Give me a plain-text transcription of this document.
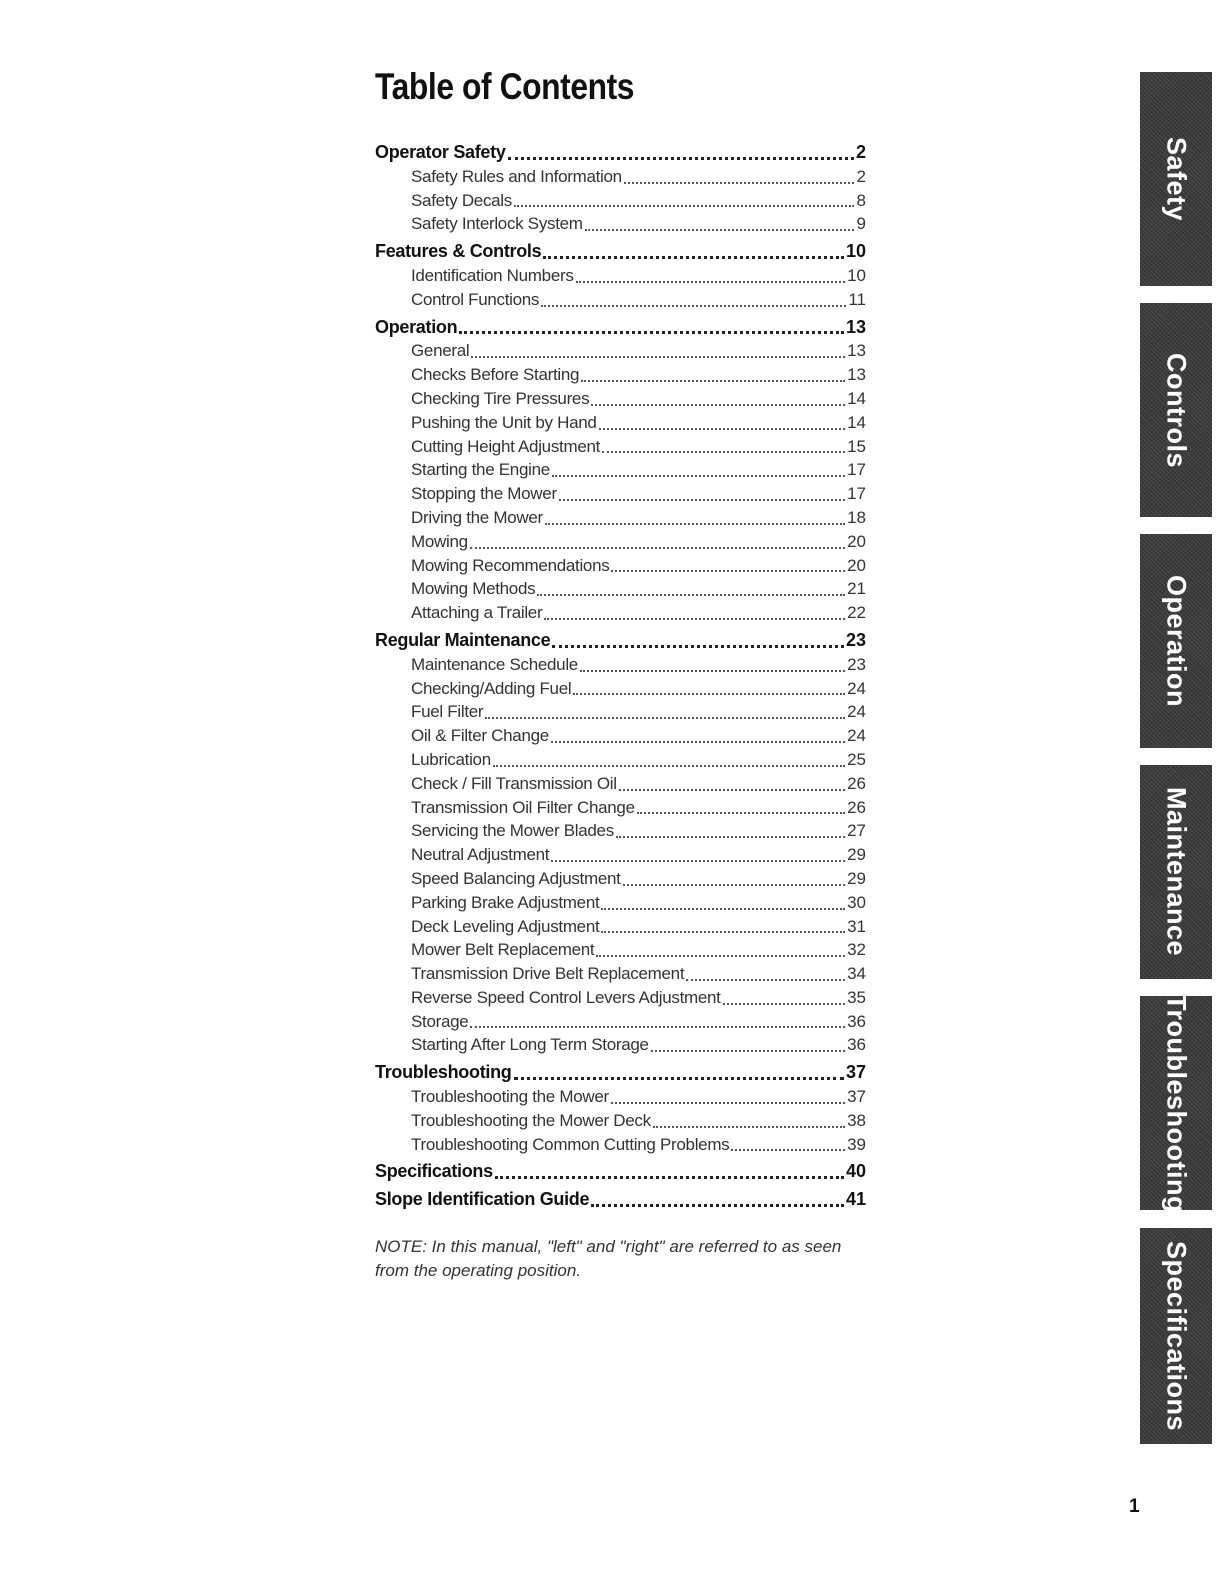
Table of Contents
Operator Safety	2
Safety Rules and Information	2
Safety Decals	8
Safety Interlock System	9
Features & Controls	10
Identification Numbers	10
Control Functions	11
Operation	13
General	13
Checks Before Starting	13
Checking Tire Pressures	14
Pushing the Unit by Hand	14
Cutting Height Adjustment	15
Starting the Engine	17
Stopping the Mower	17
Driving the Mower	18
Mowing	20
Mowing Recommendations	20
Mowing Methods	21
Attaching a Trailer	22
Regular Maintenance	23
Maintenance Schedule	23
Checking/Adding Fuel	24
Fuel Filter	24
Oil & Filter Change	24
Lubrication	25
Check / Fill Transmission Oil	26
Transmission Oil Filter Change	26
Servicing the Mower Blades	27
Neutral Adjustment	29
Speed Balancing Adjustment	29
Parking Brake Adjustment	30
Deck Leveling Adjustment	31
Mower Belt Replacement	32
Transmission Drive Belt Replacement	34
Reverse Speed Control Levers Adjustment	35
Storage	36
Starting After Long Term Storage	36
Troubleshooting	37
Troubleshooting the Mower	37
Troubleshooting the Mower Deck	38
Troubleshooting Common Cutting Problems	39
Specifications	40
Slope Identification Guide	41

NOTE: In this manual, "left" and "right" are referred to as seen from the operating position.

Safety
Controls
Operation
Maintenance
Troubleshooting
Specifications
1
